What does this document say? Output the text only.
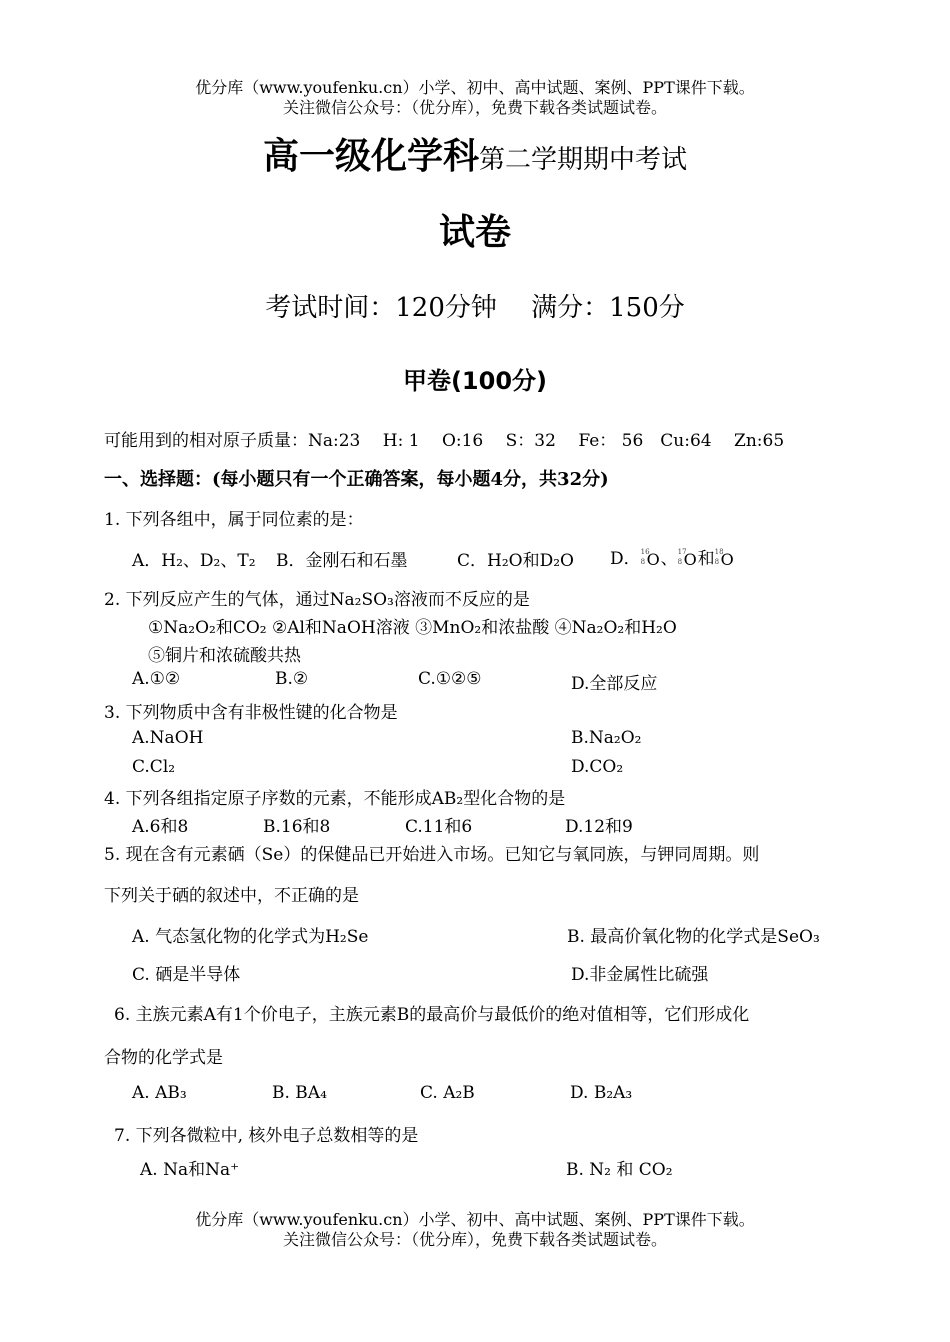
优分库（www.youfenku.cn）小学、初中、高中试题、案例、PPT课件下载。
关注微信公众号：（优分库），免费下载各类试题试卷。
高一级化学科第二学期期中考试
试卷
考试时间：120分钟　 满分：150分
甲卷(100分)
可能用到的相对原子质量：Na:23　 H: 1　 O:16　 S：32　 Fe： 56　Cu:64　 Zn:65
一、选择题：(每小题只有一个正确答案，每小题4分，共32分)
1. 下列各组中，属于同位素的是：
A．H₂、D₂、T₂ B．金刚石和石墨	C．H₂O和D₂O D． 16
8 O 、 17
8 O 和 18
8 O
2. 下列反应产生的气体，通过Na₂SO₃溶液而不反应的是
①Na₂O₂和CO₂ ②Al和NaOH溶液 ③MnO₂和浓盐酸 ④Na₂O₂和H₂O
⑤铜片和浓硫酸共热
A.①②	B.②	C.①②⑤	D.全部反应
3. 下列物质中含有非极性键的化合物是
A.NaOH	B.Na₂O₂
C.Cl₂	D.CO₂
4. 下列各组指定原子序数的元素，不能形成AB₂型化合物的是
A.6和8	B.16和8	C.11和6	D.12和9
5. 现在含有元素硒（Se）的保健品已开始进入市场。已知它与氧同族，与钾同周期。则
下列关于硒的叙述中，不正确的是
A. 气态氢化物的化学式为H₂Se	B. 最高价氧化物的化学式是SeO₃
C. 硒是半导体	D.非金属性比硫强
6. 主族元素A有1个价电子，主族元素B的最高价与最低价的绝对值相等，它们形成化
合物的化学式是
A. AB₃	B. BA₄	C. A₂B	D. B₂A₃
7. 下列各微粒中, 核外电子总数相等的是
A. Na和Na⁺	B. N₂ 和 CO₂
优分库（www.youfenku.cn）小学、初中、高中试题、案例、PPT课件下载。
关注微信公众号：（优分库），免费下载各类试题试卷。
